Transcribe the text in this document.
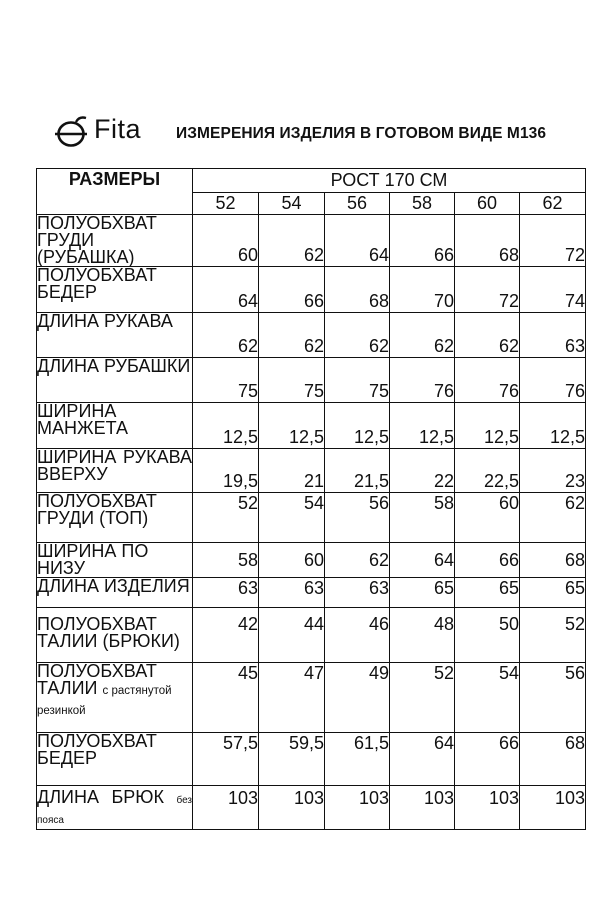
Fita ИЗМЕРЕНИЯ ИЗДЕЛИЯ В ГОТОВОМ ВИДЕ М136
РАЗМЕРЫ	РОСТ 170 СМ					
	52	54	56	58	60	62
ПОЛУОБХВАТ ГРУДИ (РУБАШКА)	60	62	64	66	68	72
ПОЛУОБХВАТ БЕДЕР	64	66	68	70	72	74
ДЛИНА РУКАВА	62	62	62	62	62	63
ДЛИНА РУБАШКИ	75	75	75	76	76	76
ШИРИНА МАНЖЕТА	12,5	12,5	12,5	12,5	12,5	12,5
ШИРИНА РУКАВА ВВЕРХУ	19,5	21	21,5	22	22,5	23
ПОЛУОБХВАТ ГРУДИ (ТОП)	52	54	56	58	60	62
ШИРИНА ПО НИЗУ	58	60	62	64	66	68
ДЛИНА ИЗДЕЛИЯ	63	63	63	65	65	65
ПОЛУОБХВАТ ТАЛИИ (БРЮКИ)	42	44	46	48	50	52
ПОЛУОБХВАТ ТАЛИИ с растянутой резинкой	45	47	49	52	54	56
ПОЛУОБХВАТ БЕДЕР	57,5	59,5	61,5	64	66	68
ДЛИНА БРЮК без пояса	103	103	103	103	103	103
